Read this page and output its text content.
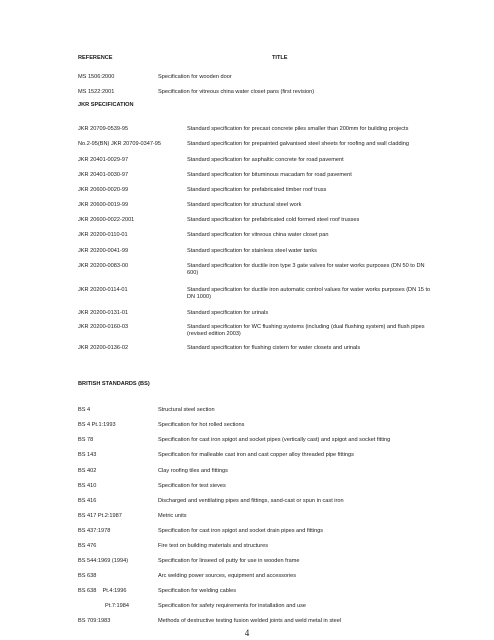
REFERENCE	TITLE
MS 1506:2000	Specification for wooden door
MS 1522:2001	Specification for vitreous china water closet pans (first revision)
JKR SPECIFICATION
JKR 20709-0539-95	Standard specification for precast concrete piles smaller than 200mm for building projects
No.2-95(BN) JKR 20709-0347-95	Standard specification for prepainted galvanised steel sheets for roofing and wall cladding
JKR 20401-0029-97	Standard specification for asphaltic concrete for road pavement
JKR 20401-0030-97	Standard specification for bituminous macadam for road pavement
JKR 20600-0020-99	Standard specification for prefabricated timber roof truss
JKR 20600-0019-99	Standard specification for structural steel work
JKR 20600-0022-2001	Standard specification for prefabricated cold formed steel roof trusses
JKR 20200-0110-01	Standard specification for vitreous china water closet pan
JKR 20200-0041-99	Standard specification for stainless steel water tanks
JKR 20200-0083-00	Standard specification for ductile iron type 3 gate valves for water works purposes (DN 50 to DN 600)
JKR 20200-0114-01	Standard specification for ductile iron automatic control values for water works purposes (DN 15 to DN 1000)
JKR 20200-0131-01	Standard specification for urinals
JKR 20200-0160-03	Standard specification for WC flushing systems (including (dual flushing system) and flush pipes (revised edition 2003)
JKR 20200-0136-02	Standard specification for flushing cistern for water closets and urinals
BRITISH STANDARDS (BS)
BS 4	Structural steel section
BS 4 Pt.1:1993	Specification for hot rolled sections
BS 78	Specification for cast iron spigot and socket pipes (vertically cast) and spigot and socket fitting
BS 143	Specification for malleable cast iron and cast copper alloy threaded pipe fittings
BS 402	Clay roofing tiles and fittings
BS 410	Specification for test sieves
BS 416	Discharged and ventilating pipes and fittings, sand-cast or spun in cast iron
BS 417 Pt.2:1987	Metric units
BS 437:1978	Specification for cast iron spigot and socket drain pipes and fittings
BS 476	Fire test on building materials and structures
BS 544:1969 (1994)	Specification for linseed oil putty for use in wooden frame
BS 638	Arc welding power sources, equipment and accessories
BS 638    Pt.4:1996	Specification for welding cables
Pt.7:1984	Specification for safety requirements for installation and use
BS 709:1983	Methods of destructive testing fusion welded joints and weld metal in steel
4
